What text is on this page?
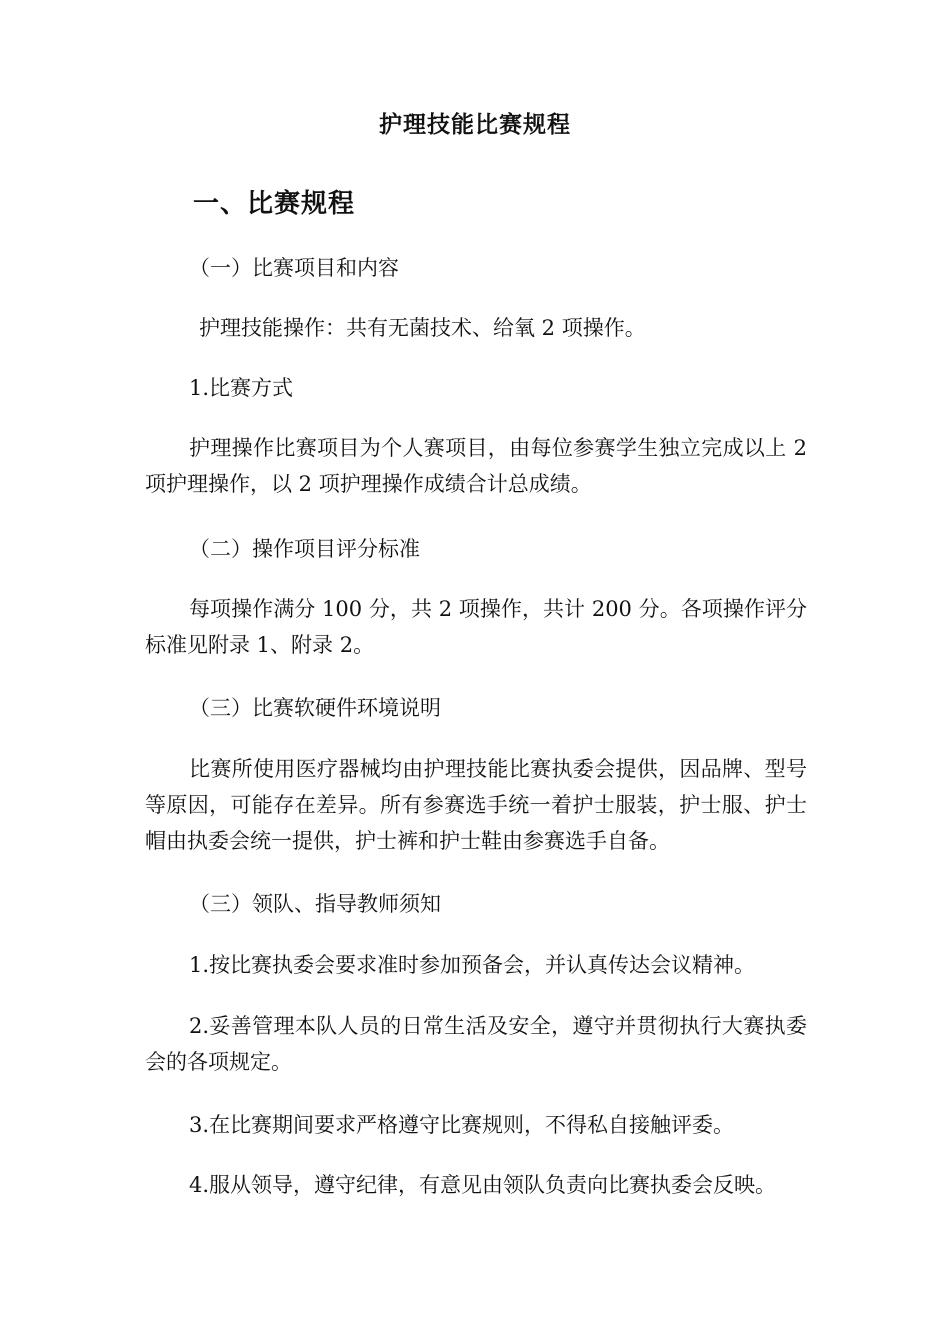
护理技能比赛规程
一、比赛规程

（一）比赛项目和内容

护理技能操作：共有无菌技术、给氧 2 项操作。

1.比赛方式

护理操作比赛项目为个人赛项目，由每位参赛学生独立完成以上 2 项护理操作，以 2 项护理操作成绩合计总成绩。

（二）操作项目评分标准

每项操作满分 100 分，共 2 项操作，共计 200 分。各项操作评分标准见附录 1、附录 2。

（三）比赛软硬件环境说明

比赛所使用医疗器械均由护理技能比赛执委会提供，因品牌、型号等原因，可能存在差异。所有参赛选手统一着护士服装，护士服、护士帽由执委会统一提供，护士裤和护士鞋由参赛选手自备。

（三）领队、指导教师须知

1.按比赛执委会要求准时参加预备会，并认真传达会议精神。

2.妥善管理本队人员的日常生活及安全，遵守并贯彻执行大赛执委会的各项规定。

3.在比赛期间要求严格遵守比赛规则，不得私自接触评委。

4.服从领导，遵守纪律，有意见由领队负责向比赛执委会反映。
